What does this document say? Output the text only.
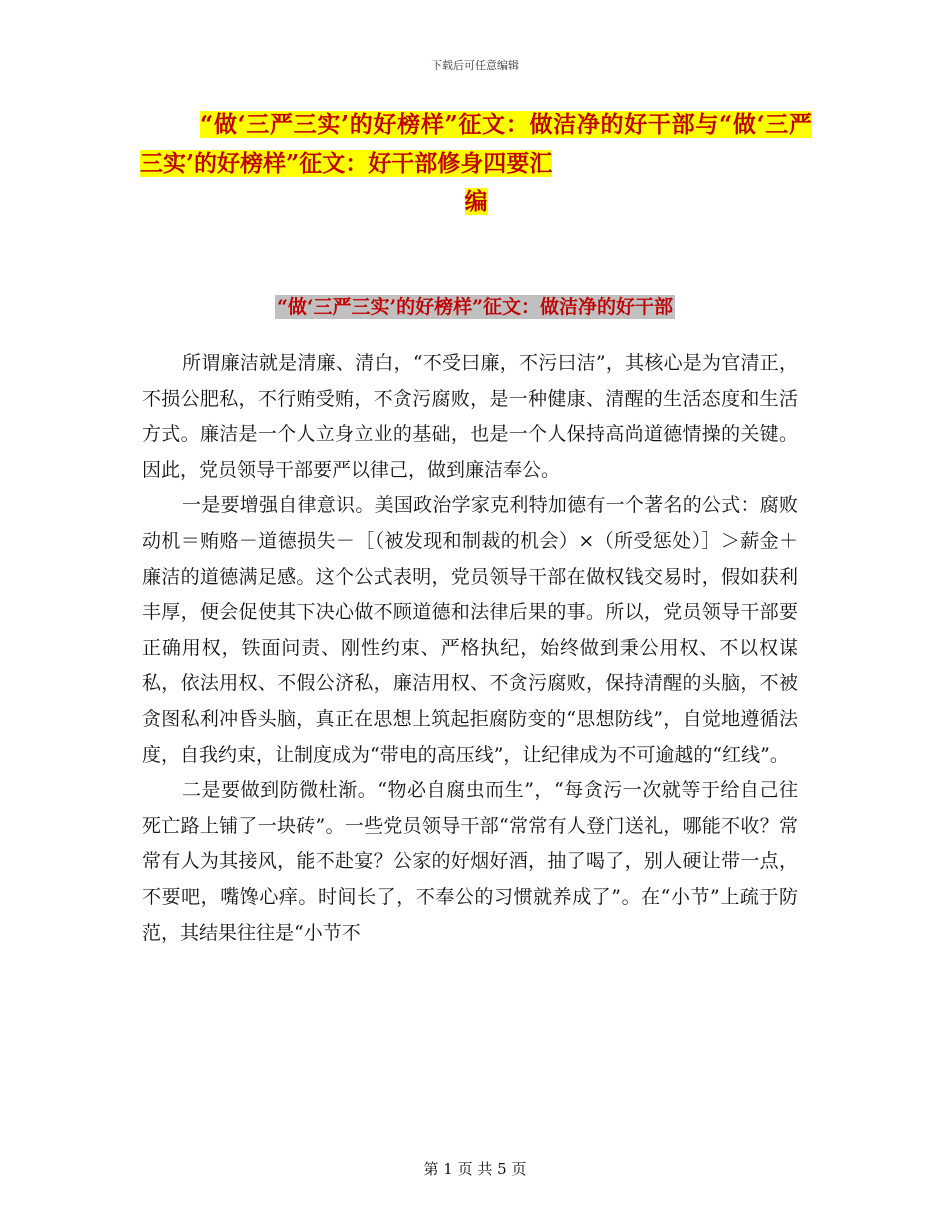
下载后可任意编辑
“做‘三严三实’的好榜样”征文：做洁净的好干部与“做‘三严三实’的好榜样”征文：好干部修身四要汇
编
“做‘三严三实’的好榜样”征文：做洁净的好干部

所谓廉洁就是清廉、清白，“不受曰廉，不污曰洁”，其核心是为官清正，不损公肥私，不行贿受贿，不贪污腐败，是一种健康、清醒的生活态度和生活方式。廉洁是一个人立身立业的基础，也是一个人保持高尚道德情操的关键。因此，党员领导干部要严以律己，做到廉洁奉公。

一是要增强自律意识。美国政治学家克利特加德有一个著名的公式：腐败动机＝贿赂－道德损失－［（被发现和制裁的机会）×（所受惩处）］＞薪金＋廉洁的道德满足感。这个公式表明，党员领导干部在做权钱交易时，假如获利丰厚，便会促使其下决心做不顾道德和法律后果的事。所以，党员领导干部要正确用权，铁面问责、刚性约束、严格执纪，始终做到秉公用权、不以权谋私，依法用权、不假公济私，廉洁用权、不贪污腐败，保持清醒的头脑，不被贪图私利冲昏头脑，真正在思想上筑起拒腐防变的“思想防线”，自觉地遵循法度，自我约束，让制度成为“带电的高压线”，让纪律成为不可逾越的“红线”。

二是要做到防微杜渐。“物必自腐虫而生”，“每贪污一次就等于给自己往死亡路上铺了一块砖”。一些党员领导干部“常常有人登门送礼，哪能不收？常常有人为其接风，能不赴宴？公家的好烟好酒，抽了喝了，别人硬让带一点，不要吧，嘴馋心痒。时间长了，不奉公的习惯就养成了”。在“小节”上疏于防范，其结果往往是“小节不

第 1 页 共 5 页
